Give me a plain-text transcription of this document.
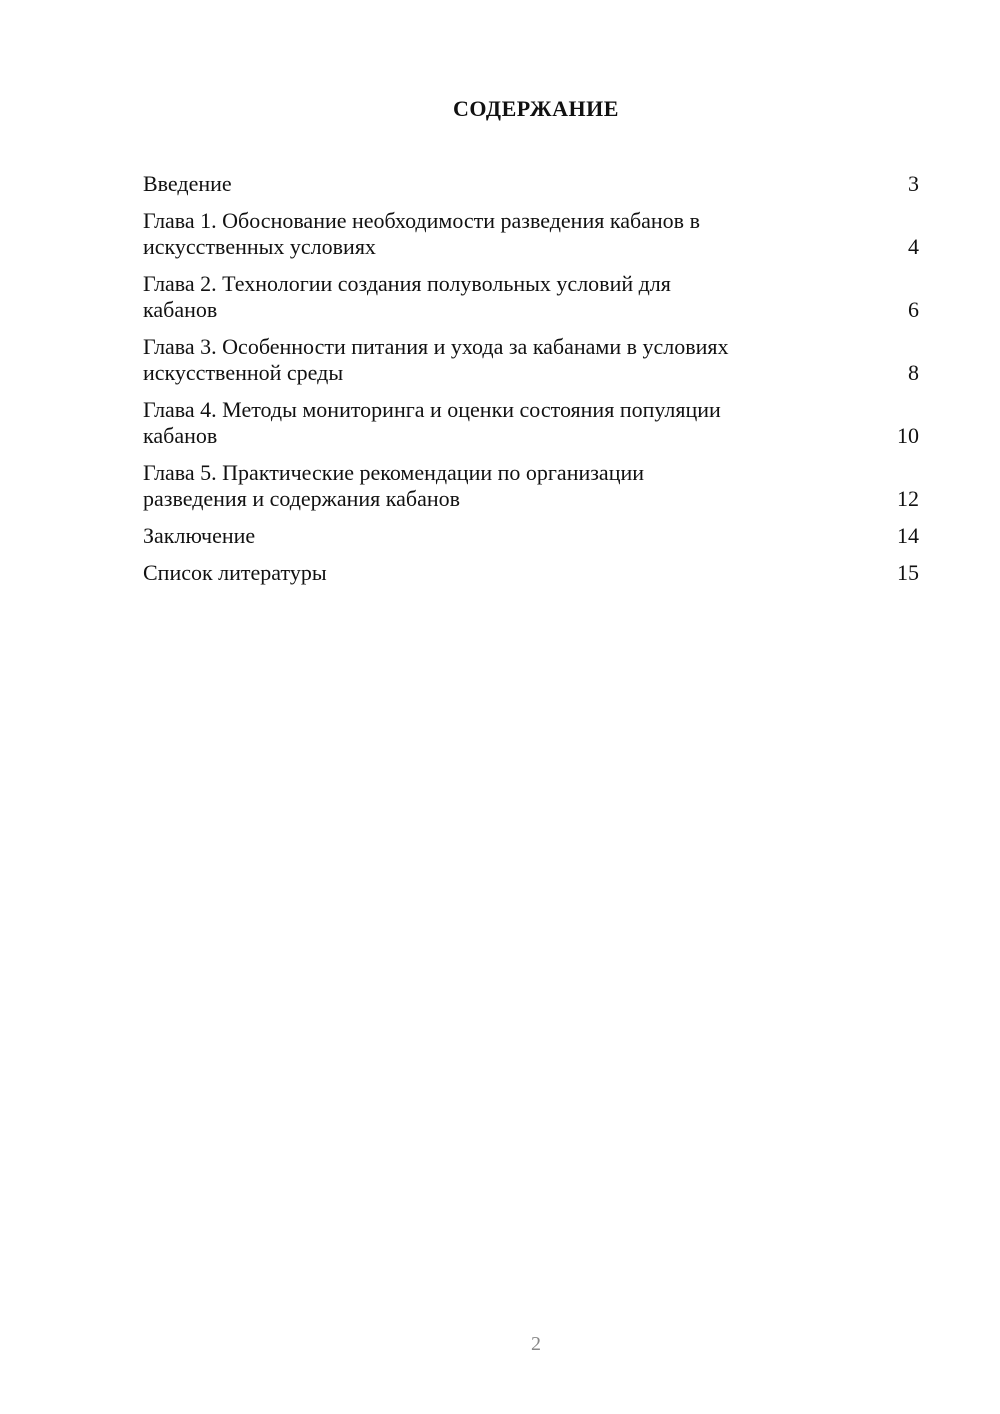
СОДЕРЖАНИЕ
Введение	3
Глава 1. Обоснование необходимости разведения кабанов в
искусственных условиях	4
Глава 2. Технологии создания полувольных условий для
кабанов	6
Глава 3. Особенности питания и ухода за кабанами в условиях
искусственной среды	8
Глава 4. Методы мониторинга и оценки состояния популяции
кабанов	10
Глава 5. Практические рекомендации по организации
разведения и содержания кабанов	12
Заключение	14
Список литературы	15
2
